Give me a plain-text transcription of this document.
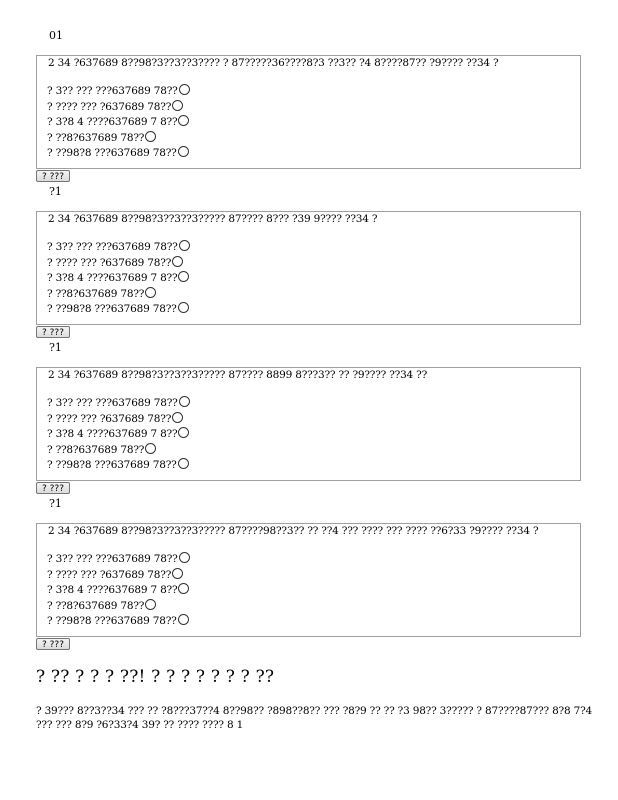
01
2 34 ?637689 8??98?3??3??3???? ? 87?????36????8?3 ??3?? ?4 8????87?? ?9???? ??34 ?
? 3?? ??? ???637689 78??
? ???? ??? ?637689 78??
? 3?8 4 ????637689 7 8??
? ??8?637689 78??
? ??98?8 ???637689 78??
? ???
?1
2 34 ?637689 8??98?3??3??3????? 87???? 8??? ?39 9???? ??34 ?
? 3?? ??? ???637689 78??
? ???? ??? ?637689 78??
? 3?8 4 ????637689 7 8??
? ??8?637689 78??
? ??98?8 ???637689 78??
? ???
?1
2 34 ?637689 8??98?3??3??3????? 87???? 8899 8???3?? ?? ?9???? ??34 ??
? 3?? ??? ???637689 78??
? ???? ??? ?637689 78??
? 3?8 4 ????637689 7 8??
? ??8?637689 78??
? ??98?8 ???637689 78??
? ???
?1
2 34 ?637689 8??98?3??3??3????? 87????98??3?? ?? ??4 ??? ???? ??? ???? ??6?33 ?9???? ??34 ?
? 3?? ??? ???637689 78??
? ???? ??? ?637689 78??
? 3?8 4 ????637689 7 8??
? ??8?637689 78??
? ??98?8 ???637689 78??
? ???
? ?? ? ? ? ??! ? ? ? ? ? ? ? ??
? 39??? 8??3??34 ??? ?? ?8???37??4 8??98?? ?898??8?? ??? ?8?9 ?? ?? ?3 98?? 3????? ? 87????87??? 8?8 7?4 ??? ??? 8?9 ?6?33?4 39? ?? ???? ???? 8 1
